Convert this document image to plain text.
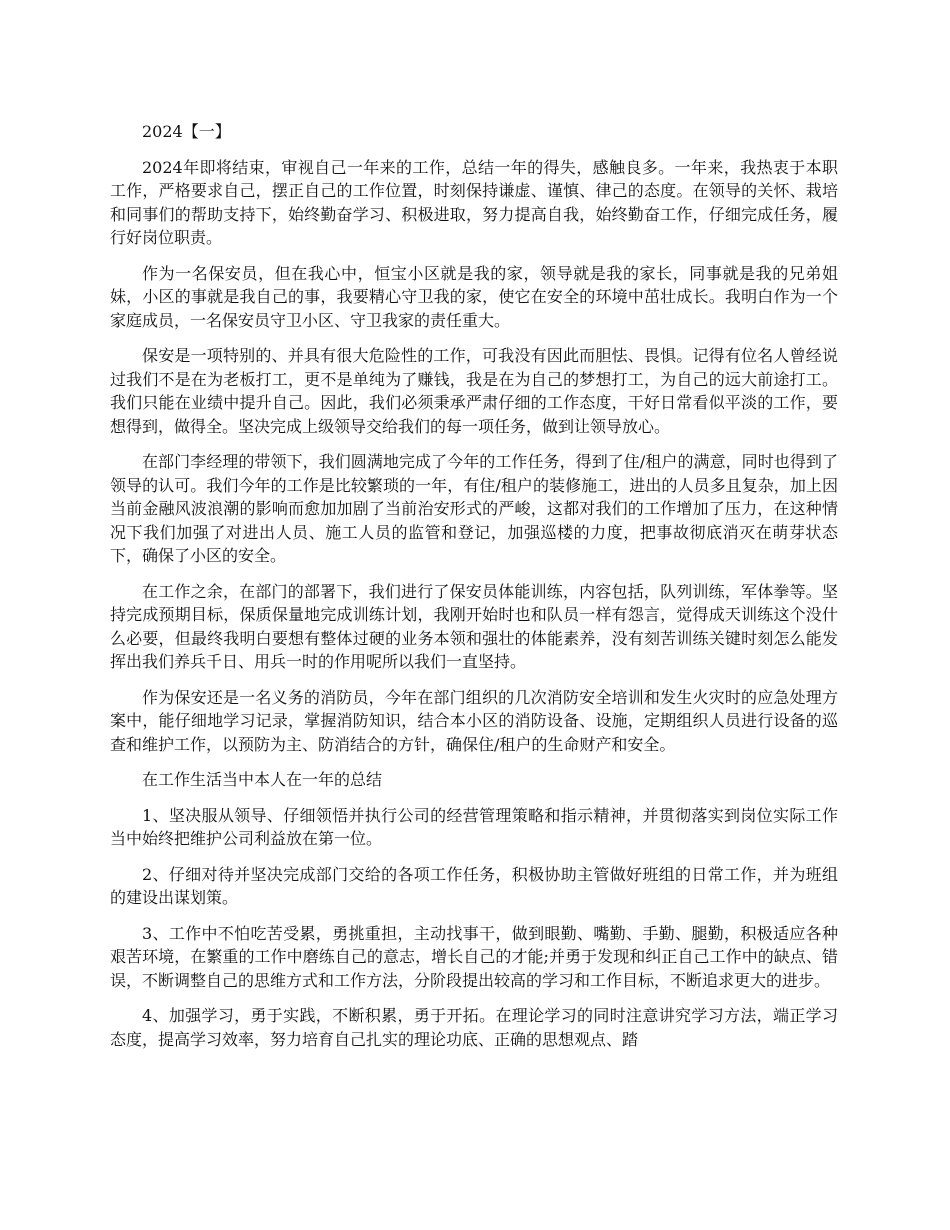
2024【一】

2024年即将结束，审视自己一年来的工作，总结一年的得失，感触良多。一年来，我热衷于本职工作，严格要求自己，摆正自己的工作位置，时刻保持谦虚、谨慎、律己的态度。在领导的关怀、栽培和同事们的帮助支持下，始终勤奋学习、积极进取，努力提高自我，始终勤奋工作，仔细完成任务，履行好岗位职责。

作为一名保安员，但在我心中，恒宝小区就是我的家，领导就是我的家长，同事就是我的兄弟姐妹，小区的事就是我自己的事，我要精心守卫我的家，使它在安全的环境中茁壮成长。我明白作为一个家庭成员，一名保安员守卫小区、守卫我家的责任重大。

保安是一项特别的、并具有很大危险性的工作，可我没有因此而胆怯、畏惧。记得有位名人曾经说过我们不是在为老板打工，更不是单纯为了赚钱，我是在为自己的梦想打工，为自己的远大前途打工。我们只能在业绩中提升自己。因此，我们必须秉承严肃仔细的工作态度，干好日常看似平淡的工作，要想得到，做得全。坚决完成上级领导交给我们的每一项任务，做到让领导放心。

在部门李经理的带领下，我们圆满地完成了今年的工作任务，得到了住/租户的满意，同时也得到了领导的认可。我们今年的工作是比较繁琐的一年，有住/租户的装修施工，进出的人员多且复杂，加上因当前金融风波浪潮的影响而愈加加剧了当前治安形式的严峻，这都对我们的工作增加了压力，在这种情况下我们加强了对进出人员、施工人员的监管和登记，加强巡楼的力度，把事故彻底消灭在萌芽状态下，确保了小区的安全。

在工作之余，在部门的部署下，我们进行了保安员体能训练，内容包括，队列训练，军体拳等。坚持完成预期目标，保质保量地完成训练计划，我刚开始时也和队员一样有怨言，觉得成天训练这个没什么必要，但最终我明白要想有整体过硬的业务本领和强壮的体能素养，没有刻苦训练关键时刻怎么能发挥出我们养兵千日、用兵一时的作用呢所以我们一直坚持。

作为保安还是一名义务的消防员，今年在部门组织的几次消防安全培训和发生火灾时的应急处理方案中，能仔细地学习记录，掌握消防知识，结合本小区的消防设备、设施，定期组织人员进行设备的巡查和维护工作，以预防为主、防消结合的方针，确保住/租户的生命财产和安全。

在工作生活当中本人在一年的总结

1、坚决服从领导、仔细领悟并执行公司的经营管理策略和指示精神，并贯彻落实到岗位实际工作当中始终把维护公司利益放在第一位。

2、仔细对待并坚决完成部门交给的各项工作任务，积极协助主管做好班组的日常工作，并为班组的建设出谋划策。

3、工作中不怕吃苦受累，勇挑重担，主动找事干，做到眼勤、嘴勤、手勤、腿勤，积极适应各种艰苦环境，在繁重的工作中磨练自己的意志，增长自己的才能;并勇于发现和纠正自己工作中的缺点、错误，不断调整自己的思维方式和工作方法，分阶段提出较高的学习和工作目标，不断追求更大的进步。

4、加强学习，勇于实践，不断积累，勇于开拓。在理论学习的同时注意讲究学习方法，端正学习态度，提高学习效率，努力培育自己扎实的理论功底、正确的思想观点、踏
